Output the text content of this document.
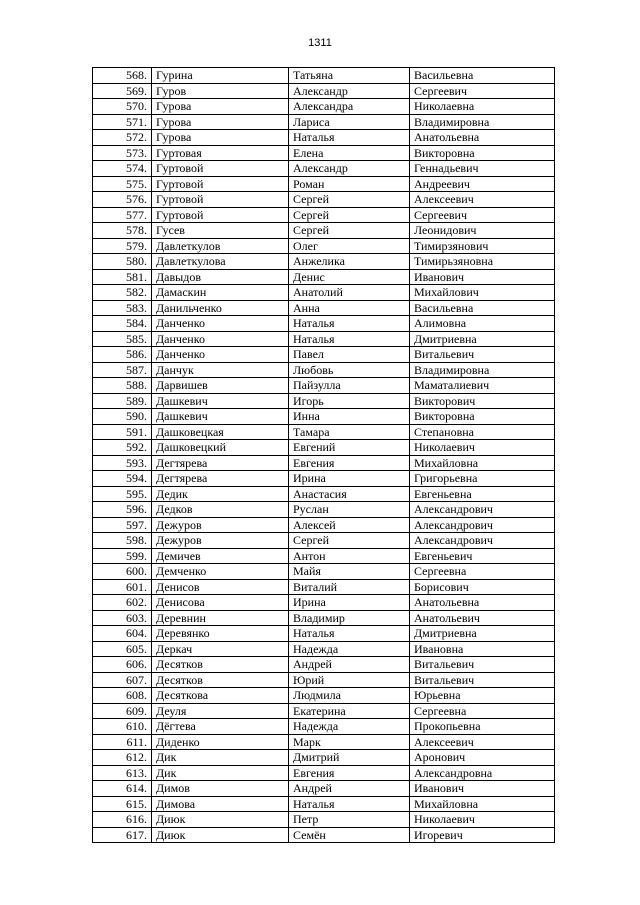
1311
568.	Гурина	Татьяна	Васильевна
569.	Гуров	Александр	Сергеевич
570.	Гурова	Александра	Николаевна
571.	Гурова	Лариса	Владимировна
572.	Гурова	Наталья	Анатольевна
573.	Гуртовая	Елена	Викторовна
574.	Гуртовой	Александр	Геннадьевич
575.	Гуртовой	Роман	Андреевич
576.	Гуртовой	Сергей	Алексеевич
577.	Гуртовой	Сергей	Сергеевич
578.	Гусев	Сергей	Леонидович
579.	Давлеткулов	Олег	Тимирзянович
580.	Давлеткулова	Анжелика	Тимирьзяновна
581.	Давыдов	Денис	Иванович
582.	Дамаскин	Анатолий	Михайлович
583.	Данильченко	Анна	Васильевна
584.	Данченко	Наталья	Алимовна
585.	Данченко	Наталья	Дмитриевна
586.	Данченко	Павел	Витальевич
587.	Данчук	Любовь	Владимировна
588.	Дарвишев	Пайзулла	Маматалиевич
589.	Дашкевич	Игорь	Викторович
590.	Дашкевич	Инна	Викторовна
591.	Дашковецкая	Тамара	Степановна
592.	Дашковецкий	Евгений	Николаевич
593.	Дегтярева	Евгения	Михайловна
594.	Дегтярева	Ирина	Григорьевна
595.	Дедик	Анастасия	Евгеньевна
596.	Дедков	Руслан	Александрович
597.	Дежуров	Алексей	Александрович
598.	Дежуров	Сергей	Александрович
599.	Демичев	Антон	Евгеньевич
600.	Демченко	Майя	Сергеевна
601.	Денисов	Виталий	Борисович
602.	Денисова	Ирина	Анатольевна
603.	Деревнин	Владимир	Анатольевич
604.	Деревянко	Наталья	Дмитриевна
605.	Деркач	Надежда	Ивановна
606.	Десятков	Андрей	Витальевич
607.	Десятков	Юрий	Витальевич
608.	Десяткова	Людмила	Юрьевна
609.	Деуля	Екатерина	Сергеевна
610.	Дёгтева	Надежда	Прокопьевна
611.	Диденко	Марк	Алексеевич
612.	Дик	Дмитрий	Аронович
613.	Дик	Евгения	Александровна
614.	Димов	Андрей	Иванович
615.	Димова	Наталья	Михайловна
616.	Диюк	Петр	Николаевич
617.	Диюк	Семён	Игоревич
